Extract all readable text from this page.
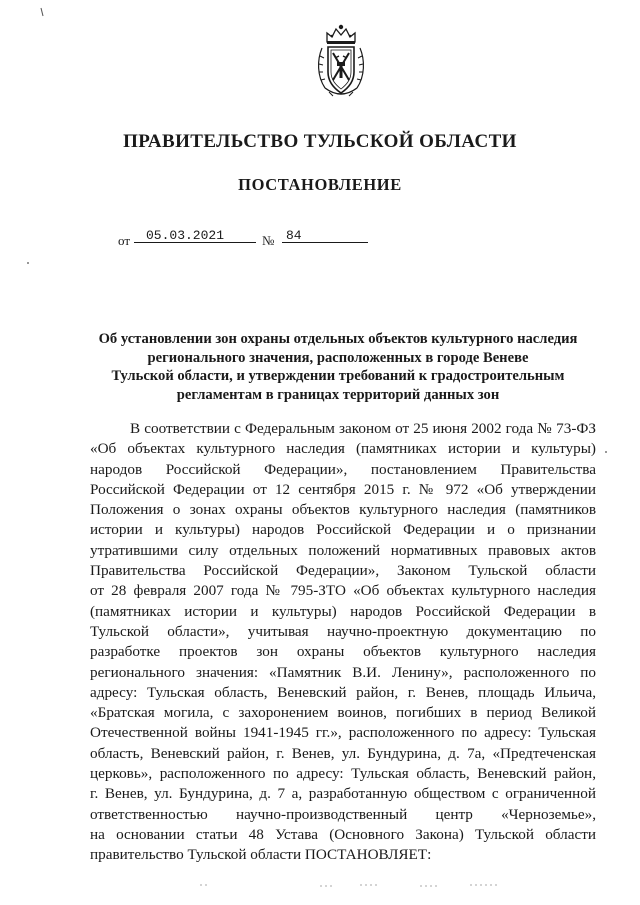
ПРАВИТЕЛЬСТВО ТУЛЬСКОЙ ОБЛАСТИ
ПОСТАНОВЛЕНИЕ
от	05.03.2021	№ 84
Об установлении зон охраны отдельных объектов культурного наследия
регионального значения, расположенных в городе Веневе
Тульской области, и утверждении требований к градостроительным
регламентам в границах территорий данных зон
В соответствии с Федеральным законом от 25 июня 2002 года № 73-ФЗ
«Об объектах культурного наследия (памятниках истории и культуры)
народов Российской Федерации», постановлением Правительства
Российской Федерации от 12 сентября 2015 г. № 972 «Об утверждении
Положения о зонах охраны объектов культурного наследия (памятников
истории и культуры) народов Российской Федерации и о признании
утратившими силу отдельных положений нормативных правовых актов
Правительства Российской Федерации», Законом Тульской области
от 28 февраля 2007 года № 795-ЗТО «Об объектах культурного наследия
(памятниках истории и культуры) народов Российской Федерации в
Тульской области», учитывая научно-проектную документацию по
разработке проектов зон охраны объектов культурного наследия
регионального значения: «Памятник В.И. Ленину», расположенного по
адресу: Тульская область, Веневский район, г. Венев, площадь Ильича,
«Братская могила, с захоронением воинов, погибших в период Великой
Отечественной войны 1941-1945 гг.», расположенного по адресу: Тульская
область, Веневский район, г. Венев, ул. Бундурина, д. 7а, «Предтеченская
церковь», расположенного по адресу: Тульская область, Веневский район,
г. Венев, ул. Бундурина, д. 7 а, разработанную обществом с ограниченной
ответственностью научно-производственный центр «Черноземье»,
на основании статьи 48 Устава (Основного Закона) Тульской области
правительство Тульской области ПОСТАНОВЛЯЕТ:
